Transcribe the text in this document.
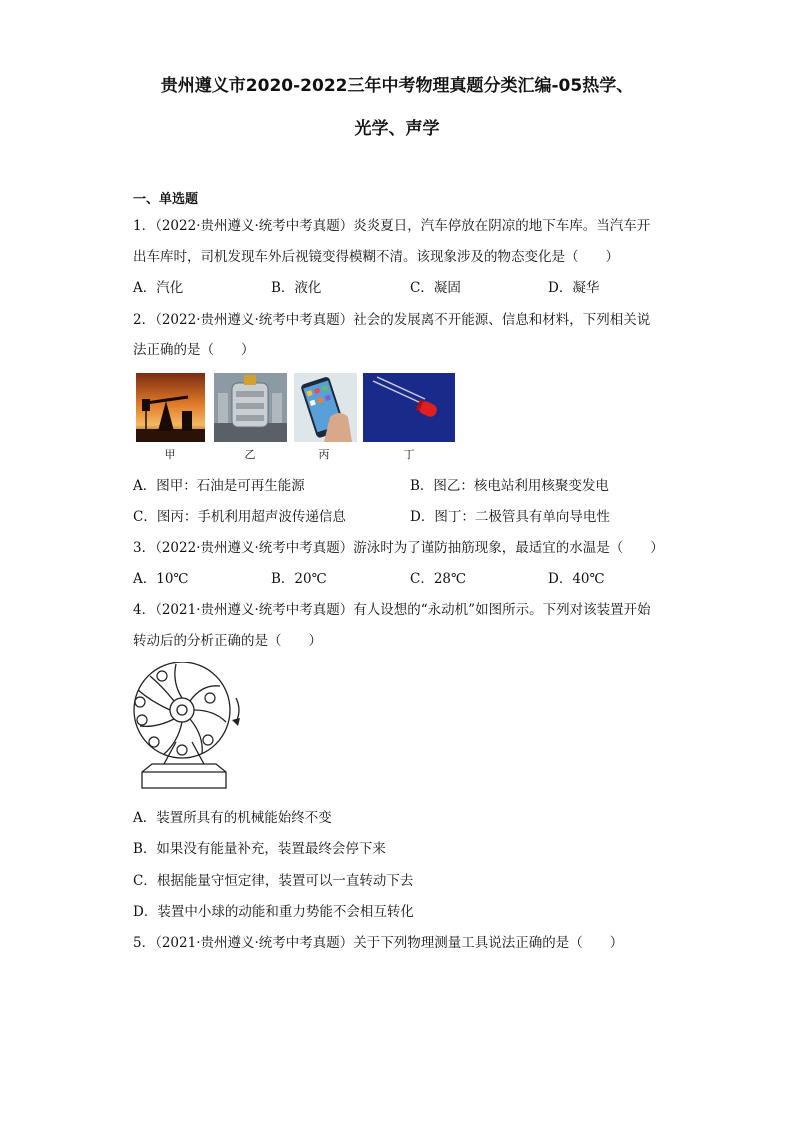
贵州遵义市2020-2022三年中考物理真题分类汇编-05热学、
光学、声学
一、单选题
1．（2022·贵州遵义·统考中考真题）炎炎夏日，汽车停放在阴凉的地下车库。当汽车开
出车库时，司机发现车外后视镜变得模糊不清。该现象涉及的物态变化是（　　）
A．汽化	B．液化	C．凝固	D．凝华
2．（2022·贵州遵义·统考中考真题）社会的发展离不开能源、信息和材料，下列相关说
法正确的是（　　）
甲	乙	丙	丁
A．图甲：石油是可再生能源	B．图乙：核电站利用核聚变发电
C．图丙：手机利用超声波传递信息	D．图丁：二极管具有单向导电性
3．（2022·贵州遵义·统考中考真题）游泳时为了谨防抽筋现象，最适宜的水温是（　　）
A．10℃	B．20℃	C．28℃	D．40℃
4．（2021·贵州遵义·统考中考真题）有人设想的“永动机”如图所示。下列对该装置开始
转动后的分析正确的是（　　）
A．装置所具有的机械能始终不变
B．如果没有能量补充，装置最终会停下来
C．根据能量守恒定律，装置可以一直转动下去
D．装置中小球的动能和重力势能不会相互转化
5．（2021·贵州遵义·统考中考真题）关于下列物理测量工具说法正确的是（　　）
